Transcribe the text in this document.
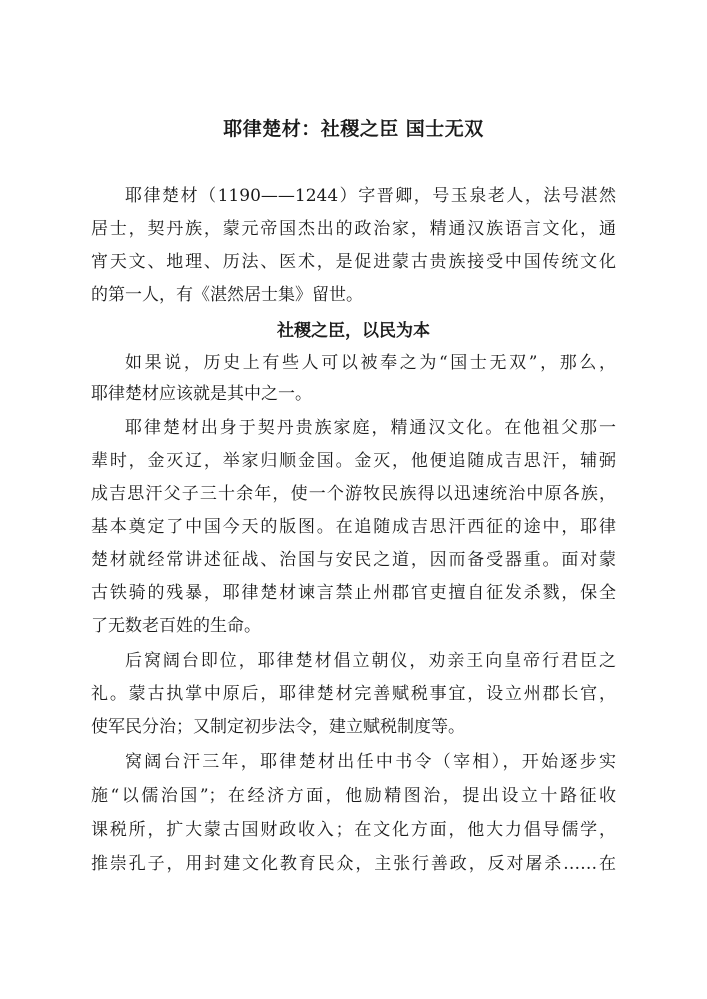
耶律楚材：社稷之臣 国士无双
耶律楚材（1190——1244）字晋卿，号玉泉老人，法号湛然
居士，契丹族，蒙元帝国杰出的政治家，精通汉族语言文化，通
宵天文、地理、历法、医术，是促进蒙古贵族接受中国传统文化
的第一人，有《湛然居士集》留世。
社稷之臣，以民为本
如果说，历史上有些人可以被奉之为“国士无双”，那么，
耶律楚材应该就是其中之一。
耶律楚材出身于契丹贵族家庭，精通汉文化。在他祖父那一
辈时，金灭辽，举家归顺金国。金灭，他便追随成吉思汗，辅弼
成吉思汗父子三十余年，使一个游牧民族得以迅速统治中原各族，
基本奠定了中国今天的版图。在追随成吉思汗西征的途中，耶律
楚材就经常讲述征战、治国与安民之道，因而备受器重。面对蒙
古铁骑的残暴，耶律楚材谏言禁止州郡官吏擅自征发杀戮，保全
了无数老百姓的生命。
后窝阔台即位，耶律楚材倡立朝仪，劝亲王向皇帝行君臣之
礼。蒙古执掌中原后，耶律楚材完善赋税事宜，设立州郡长官，
使军民分治；又制定初步法令，建立赋税制度等。
窝阔台汗三年，耶律楚材出任中书令（宰相），开始逐步实
施“以儒治国”；在经济方面，他励精图治，提出设立十路征收
课税所，扩大蒙古国财政收入；在文化方面，他大力倡导儒学，
推崇孔子，用封建文化教育民众，主张行善政，反对屠杀……在
